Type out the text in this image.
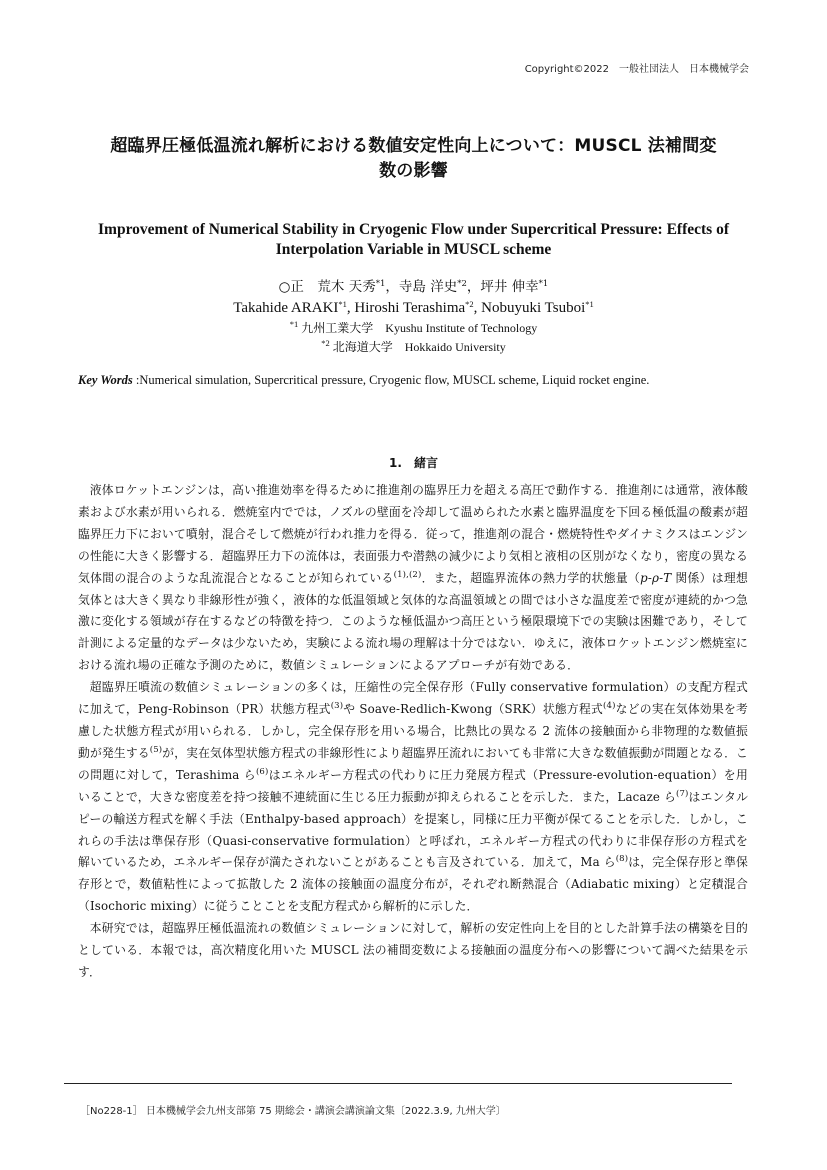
Copyright©2022　一般社団法人　日本機械学会
超臨界圧極低温流れ解析における数値安定性向上について：MUSCL 法補間変
数の影響
Improvement of Numerical Stability in Cryogenic Flow under Supercritical Pressure: Effects of
Interpolation Variable in MUSCL scheme
○正　荒木 天秀$^{*1}$，寺島 洋史$^{*2}$，坪井 伸幸$^{*1}$
Takahide ARAKI$^{*1}$, Hiroshi Terashima$^{*2}$, Nobuyuki Tsuboi$^{*1}$
$^{*1}$ 九州工業大学　Kyushu Institute of Technology
$^{*2}$ 北海道大学　Hokkaido University
Key Words :Numerical simulation, Supercritical pressure, Cryogenic flow, MUSCL scheme, Liquid rocket engine.
1.　緒言

液体ロケットエンジンは，高い推進効率を得るために推進剤の臨界圧力を超える高圧で動作する．推進剤には通常，液体酸素および水素が用いられる．燃焼室内ででは，ノズルの壁面を冷却して温められた水素と臨界温度を下回る極低温の酸素が超臨界圧力下において噴射，混合そして燃焼が行われ推力を得る．従って，推進剤の混合・燃焼特性やダイナミクスはエンジンの性能に大きく影響する．超臨界圧力下の流体は，表面張力や潜熱の減少により気相と液相の区別がなくなり，密度の異なる気体間の混合のような乱流混合となることが知られている$^{(1),(2)}$．また，超臨界流体の熱力学的状態量（p-ρ-T 関係）は理想気体とは大きく異なり非線形性が強く，液体的な低温領域と気体的な高温領域との間では小さな温度差で密度が連続的かつ急激に変化する領域が存在するなどの特徴を持つ．このような極低温かつ高圧という極限環境下での実験は困難であり，そして計測による定量的なデータは少ないため，実験による流れ場の理解は十分ではない．ゆえに，液体ロケットエンジン燃焼室における流れ場の正確な予測のために，数値シミュレーションによるアプローチが有効である．

超臨界圧噴流の数値シミュレーションの多くは，圧縮性の完全保存形（Fully conservative formulation）の支配方程式に加えて，Peng-Robinson（PR）状態方程式$^{(3)}$や Soave-Redlich-Kwong（SRK）状態方程式$^{(4)}$などの実在気体効果を考慮した状態方程式が用いられる．しかし，完全保存形を用いる場合，比熱比の異なる 2 流体の接触面から非物理的な数値振動が発生する$^{(5)}$が，実在気体型状態方程式の非線形性により超臨界圧流れにおいても非常に大きな数値振動が問題となる．この問題に対して，Terashima ら$^{(6)}$はエネルギー方程式の代わりに圧力発展方程式（Pressure-evolution-equation）を用いることで，大きな密度差を持つ接触不連続面に生じる圧力振動が抑えられることを示した．また，Lacaze ら$^{(7)}$はエンタルピーの輸送方程式を解く手法（Enthalpy-based approach）を提案し，同様に圧力平衡が保てることを示した．しかし，これらの手法は準保存形（Quasi-conservative formulation）と呼ばれ，エネルギー方程式の代わりに非保存形の方程式を解いているため，エネルギー保存が満たされないことがあることも言及されている．加えて，Ma ら$^{(8)}$は，完全保存形と準保存形とで，数値粘性によって拡散した 2 流体の接触面の温度分布が，それぞれ断熱混合（Adiabatic mixing）と定積混合（Isochoric mixing）に従うことことを支配方程式から解析的に示した．

本研究では，超臨界圧極低温流れの数値シミュレーションに対して，解析の安定性向上を目的とした計算手法の構築を目的としている．本報では，高次精度化用いた MUSCL 法の補間変数による接触面の温度分布への影響について調べた結果を示す．

［No228-1］ 日本機械学会九州支部第 75 期総会・講演会講演論文集〔2022.3.9, 九州大学〕
